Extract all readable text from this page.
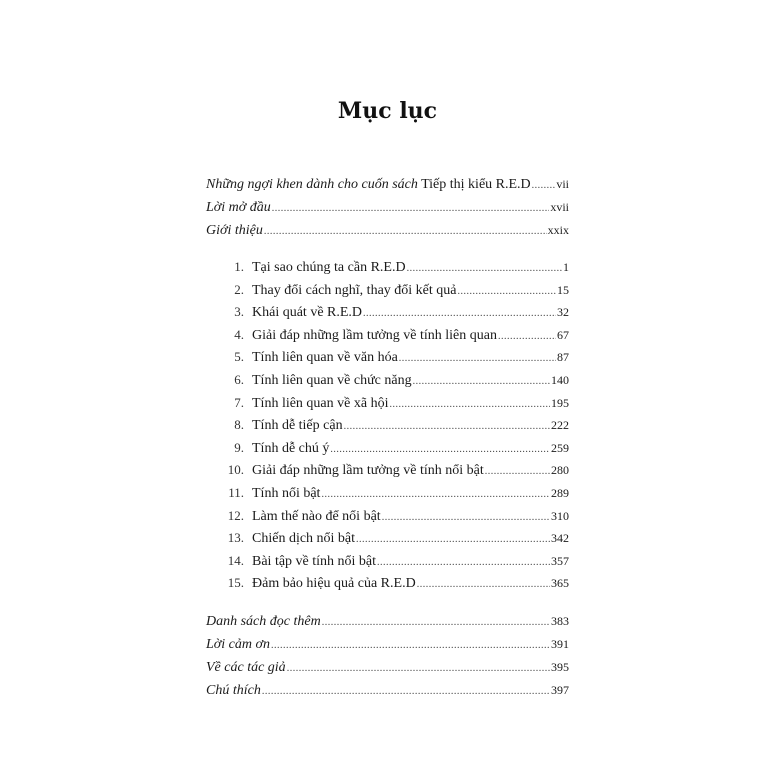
Mục lục
Những ngợi khen dành cho cuốn sách Tiếp thị kiểu R.E.D ..... vii
Lời mở đầu .....	xvii
Giới thiệu .....	xxix
1. Tại sao chúng ta cần R.E.D .....	1
2. Thay đổi cách nghĩ, thay đổi kết quả .....	15
3. Khái quát về R.E.D .....	32
4. Giải đáp những lầm tưởng về tính liên quan .....	67
5. Tính liên quan về văn hóa .....	87
6. Tính liên quan về chức năng .....	140
7. Tính liên quan về xã hội .....	195
8. Tính dễ tiếp cận .....	222
9. Tính dễ chú ý .....	259
10. Giải đáp những lầm tưởng về tính nổi bật .....	280
11. Tính nổi bật .....	289
12. Làm thế nào để nổi bật .....	310
13. Chiến dịch nổi bật .....	342
14. Bài tập về tính nổi bật .....	357
15. Đảm bảo hiệu quả của R.E.D .....	365
Danh sách đọc thêm .....	383
Lời cảm ơn .....	391
Về các tác giả .....	395
Chú thích .....	397
